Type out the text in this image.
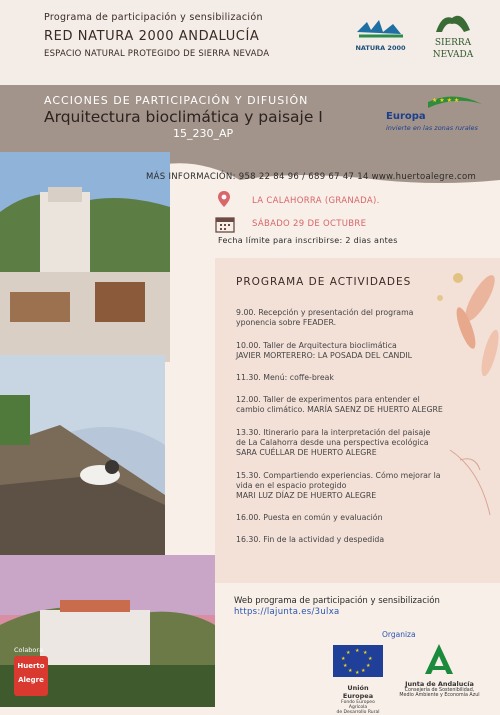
Programa de participación y sensibilización
RED NATURA 2000 ANDALUCÍA
ESPACIO NATURAL PROTEGIDO DE SIERRA NEVADA
NATURA 2000	SIERRA
NEVADA
ACCIONES DE PARTICIPACIÓN Y DIFUSIÓN
Arquitectura bioclimática y paisaje I
15_230_AP
★ ★ ★ ★
Europa
invierte en las zonas rurales
Colabora
Huerto
Alegre
MÁS INFORMACIÓN: 958 22 84 96 / 689 67 47 14 www.huertoalegre.com
LA CALAHORRA (GRANADA).
SÁBADO 29 DE OCTUBRE
Fecha límite para inscribirse: 2 dias antes
PROGRAMA DE ACTIVIDADES
9.00. Recepción y presentación del programa
yponencia sobre FEADER.
10.00. Taller de Arquitectura bioclimática
JAVIER MORTERERO: LA POSADA DEL CANDIL
11.30. Menú: coffe-break
12.00. Taller de experimentos para entender el
cambio climático. MARÍA SAENZ DE HUERTO ALEGRE
13.30. Itinerario para la interpretación del paisaje
de La Calahorra desde una perspectiva ecológica
SARA CUÉLLAR DE HUERTO ALEGRE
15.30. Compartiendo experiencias. Cómo mejorar la
vida en el espacio protegido
MARI LUZ DÍAZ DE HUERTO ALEGRE
16.00. Puesta en común y evaluación
16.30. Fin de la actividad y despedida
Web programa de participación y sensibilización
https://lajunta.es/3ulxa
Organiza
★ ★
★
★
★
★
★
★
★
★
Unión Europea
Fondo Europeo Agrícola
de Desarrollo Rural
Junta de Andalucía
Consejería de Sostenibilidad,
Medio Ambiente y Economía Azul
